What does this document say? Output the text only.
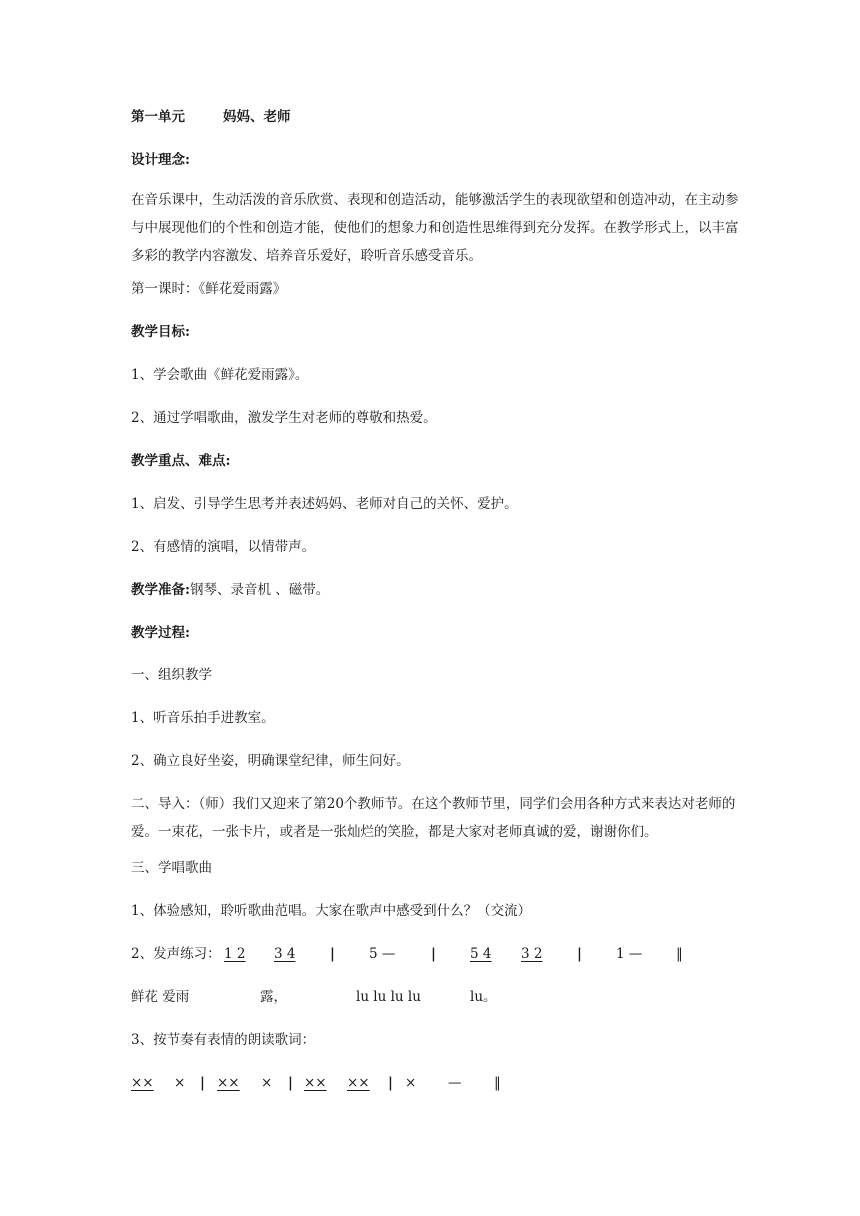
第一单元	妈妈、老师

设计理念:

在音乐课中，生动活泼的音乐欣赏、表现和创造活动，能够激活学生的表现欲望和创造冲动，在主动参与中展现他们的个性和创造才能，使他们的想象力和创造性思维得到充分发挥。在教学形式上，以丰富多彩的教学内容激发、培养音乐爱好，聆听音乐感受音乐。

第一课时：《鲜花爱雨露》

教学目标:

1、学会歌曲《鲜花爱雨露》。

2、通过学唱歌曲，激发学生对老师的尊敬和热爱。

教学重点、难点:

1、启发、引导学生思考并表述妈妈、老师对自己的关怀、爱护。

2、有感情的演唱，以情带声。

教学准备:钢琴、录音机 、磁带。

教学过程:

一、组织教学

1、听音乐拍手进教室。

2、确立良好坐姿，明确课堂纪律，师生问好。

二、导入：（师）我们又迎来了第20个教师节。在这个教师节里，同学们会用各种方式来表达对老师的爱。一束花，一张卡片，或者是一张灿烂的笑脸，都是大家对老师真诚的爱，谢谢你们。

三、学唱歌曲

1、体验感知，聆听歌曲范唱。大家在歌声中感受到什么？（交流）

2、发声练习： 1 2 3 4	|	5 —	|	5 4 3 2	|	1 — ‖
鲜花 爱雨	露，	lu lu lu lu	lu。

3、按节奏有表情的朗读歌词：

×× × | ×× × | ×× ×× | × — ‖
